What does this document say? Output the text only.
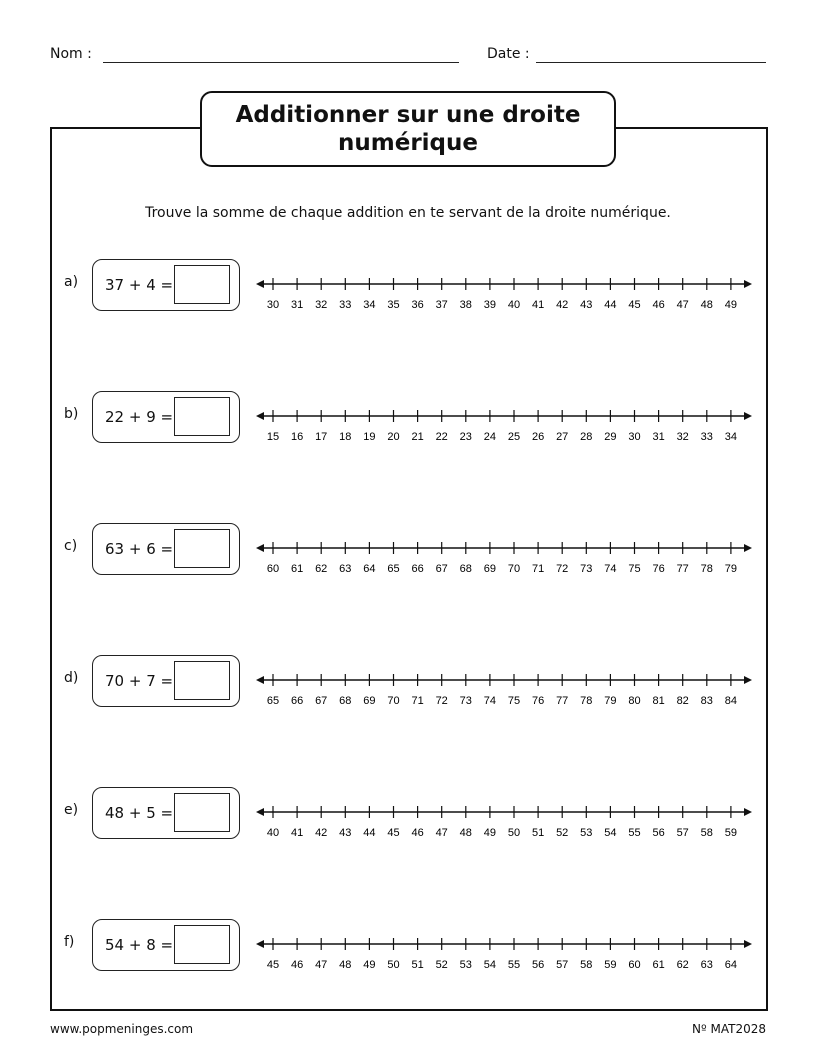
Nom :	Date :
Additionner sur une droite numérique
Trouve la somme de chaque addition en te servant de la droite numérique.
a) 37 + 4 =
30 31 32 33 34 35 36 37 38 39 40 41 42 43 44 45 46 47 48 49
b) 22 + 9 =
15 16 17 18 19 20 21 22 23 24 25 26 27 28 29 30 31 32 33 34
c) 63 + 6 =
60 61 62 63 64 65 66 67 68 69 70 71 72 73 74 75 76 77 78 79
d) 70 + 7 =
65 66 67 68 69 70 71 72 73 74 75 76 77 78 79 80 81 82 83 84
e) 48 + 5 =
40 41 42 43 44 45 46 47 48 49 50 51 52 53 54 55 56 57 58 59
f) 54 + 8 =
45 46 47 48 49 50 51 52 53 54 55 56 57 58 59 60 61 62 63 64
www.popmeninges.com	Nº MAT2028
